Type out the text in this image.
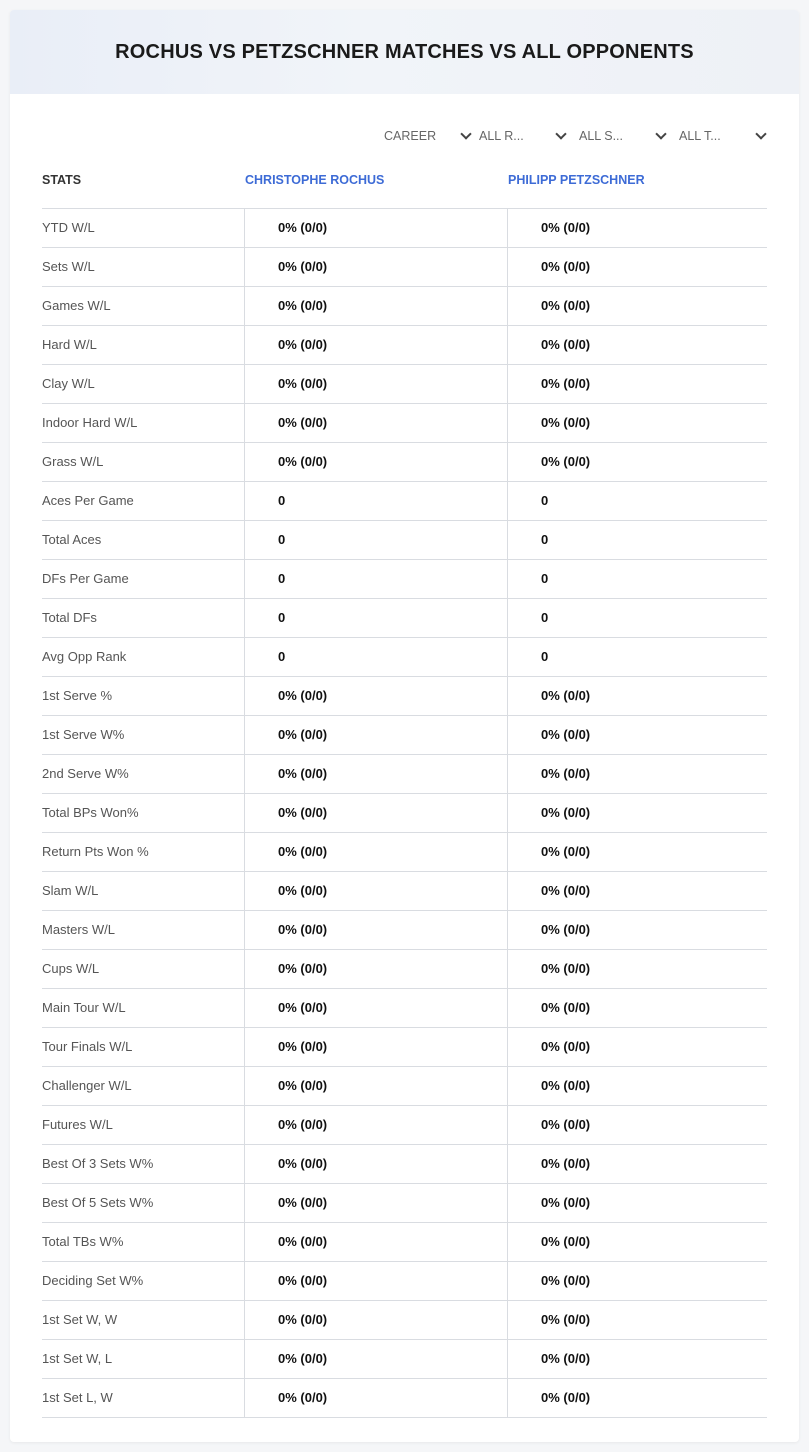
ROCHUS VS PETZSCHNER MATCHES VS ALL OPPONENTS
CAREER	ALL R...	ALL S...	ALL T...
STATS	CHRISTOPHE ROCHUS	PHILIPP PETZSCHNER
YTD W/L	0% (0/0)	0% (0/0)
Sets W/L	0% (0/0)	0% (0/0)
Games W/L	0% (0/0)	0% (0/0)
Hard W/L	0% (0/0)	0% (0/0)
Clay W/L	0% (0/0)	0% (0/0)
Indoor Hard W/L	0% (0/0)	0% (0/0)
Grass W/L	0% (0/0)	0% (0/0)
Aces Per Game	0	0
Total Aces	0	0
DFs Per Game	0	0
Total DFs	0	0
Avg Opp Rank	0	0
1st Serve %	0% (0/0)	0% (0/0)
1st Serve W%	0% (0/0)	0% (0/0)
2nd Serve W%	0% (0/0)	0% (0/0)
Total BPs Won%	0% (0/0)	0% (0/0)
Return Pts Won %	0% (0/0)	0% (0/0)
Slam W/L	0% (0/0)	0% (0/0)
Masters W/L	0% (0/0)	0% (0/0)
Cups W/L	0% (0/0)	0% (0/0)
Main Tour W/L	0% (0/0)	0% (0/0)
Tour Finals W/L	0% (0/0)	0% (0/0)
Challenger W/L	0% (0/0)	0% (0/0)
Futures W/L	0% (0/0)	0% (0/0)
Best Of 3 Sets W%	0% (0/0)	0% (0/0)
Best Of 5 Sets W%	0% (0/0)	0% (0/0)
Total TBs W%	0% (0/0)	0% (0/0)
Deciding Set W%	0% (0/0)	0% (0/0)
1st Set W, W	0% (0/0)	0% (0/0)
1st Set W, L	0% (0/0)	0% (0/0)
1st Set L, W	0% (0/0)	0% (0/0)
